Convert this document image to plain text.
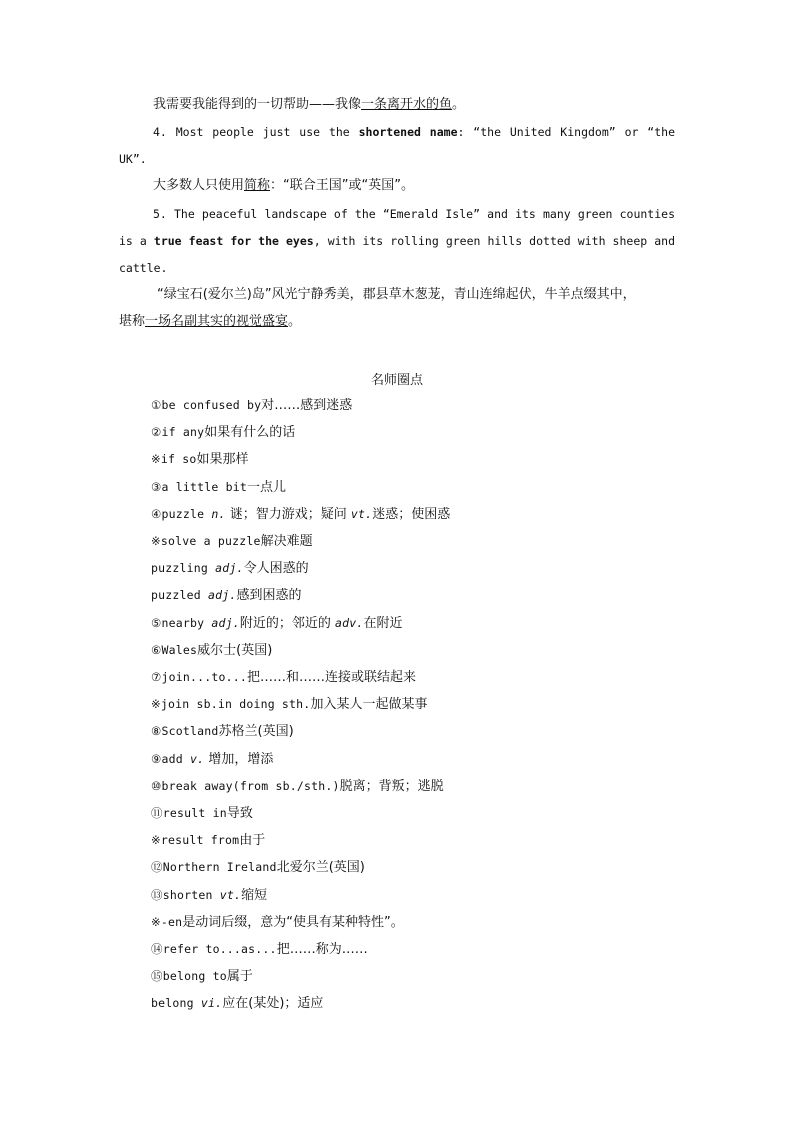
我需要我能得到的一切帮助——我像一条离开水的鱼。
4. Most people just use the shortened name: “the United Kingdom” or “the UK”.
大多数人只使用简称：“联合王国”或“英国”。
5. The peaceful landscape of the “Emerald Isle” and its many green counties is a true feast for the eyes, with its rolling green hills dotted with sheep and cattle.
“绿宝石(爱尔兰)岛”风光宁静秀美，郡县草木葱茏，青山连绵起伏，牛羊点缀其中，
堪称一场名副其实的视觉盛宴。
名师圈点
①be confused by对……感到迷惑
②if any如果有什么的话
※if so如果那样
③a little bit一点儿
④puzzle n. 谜；智力游戏；疑问 vt.迷惑；使困惑
※solve a puzzle解决难题
puzzling adj.令人困惑的
puzzled adj.感到困惑的
⑤nearby adj.附近的；邻近的 adv.在附近
⑥Wales威尔士(英国)
⑦join...to...把……和……连接或联结起来
※join sb.in doing sth.加入某人一起做某事
⑧Scotland苏格兰(英国)
⑨add v. 增加，增添
⑩break away(from sb./sth.)脱离；背叛；逃脱
⑪result in导致
※result from由于
⑫Northern Ireland北爱尔兰(英国)
⑬shorten vt.缩短
※-en是动词后缀，意为“使具有某种特性”。
⑭refer to...as...把……称为……
⑮belong to属于
belong vi.应在(某处)；适应
